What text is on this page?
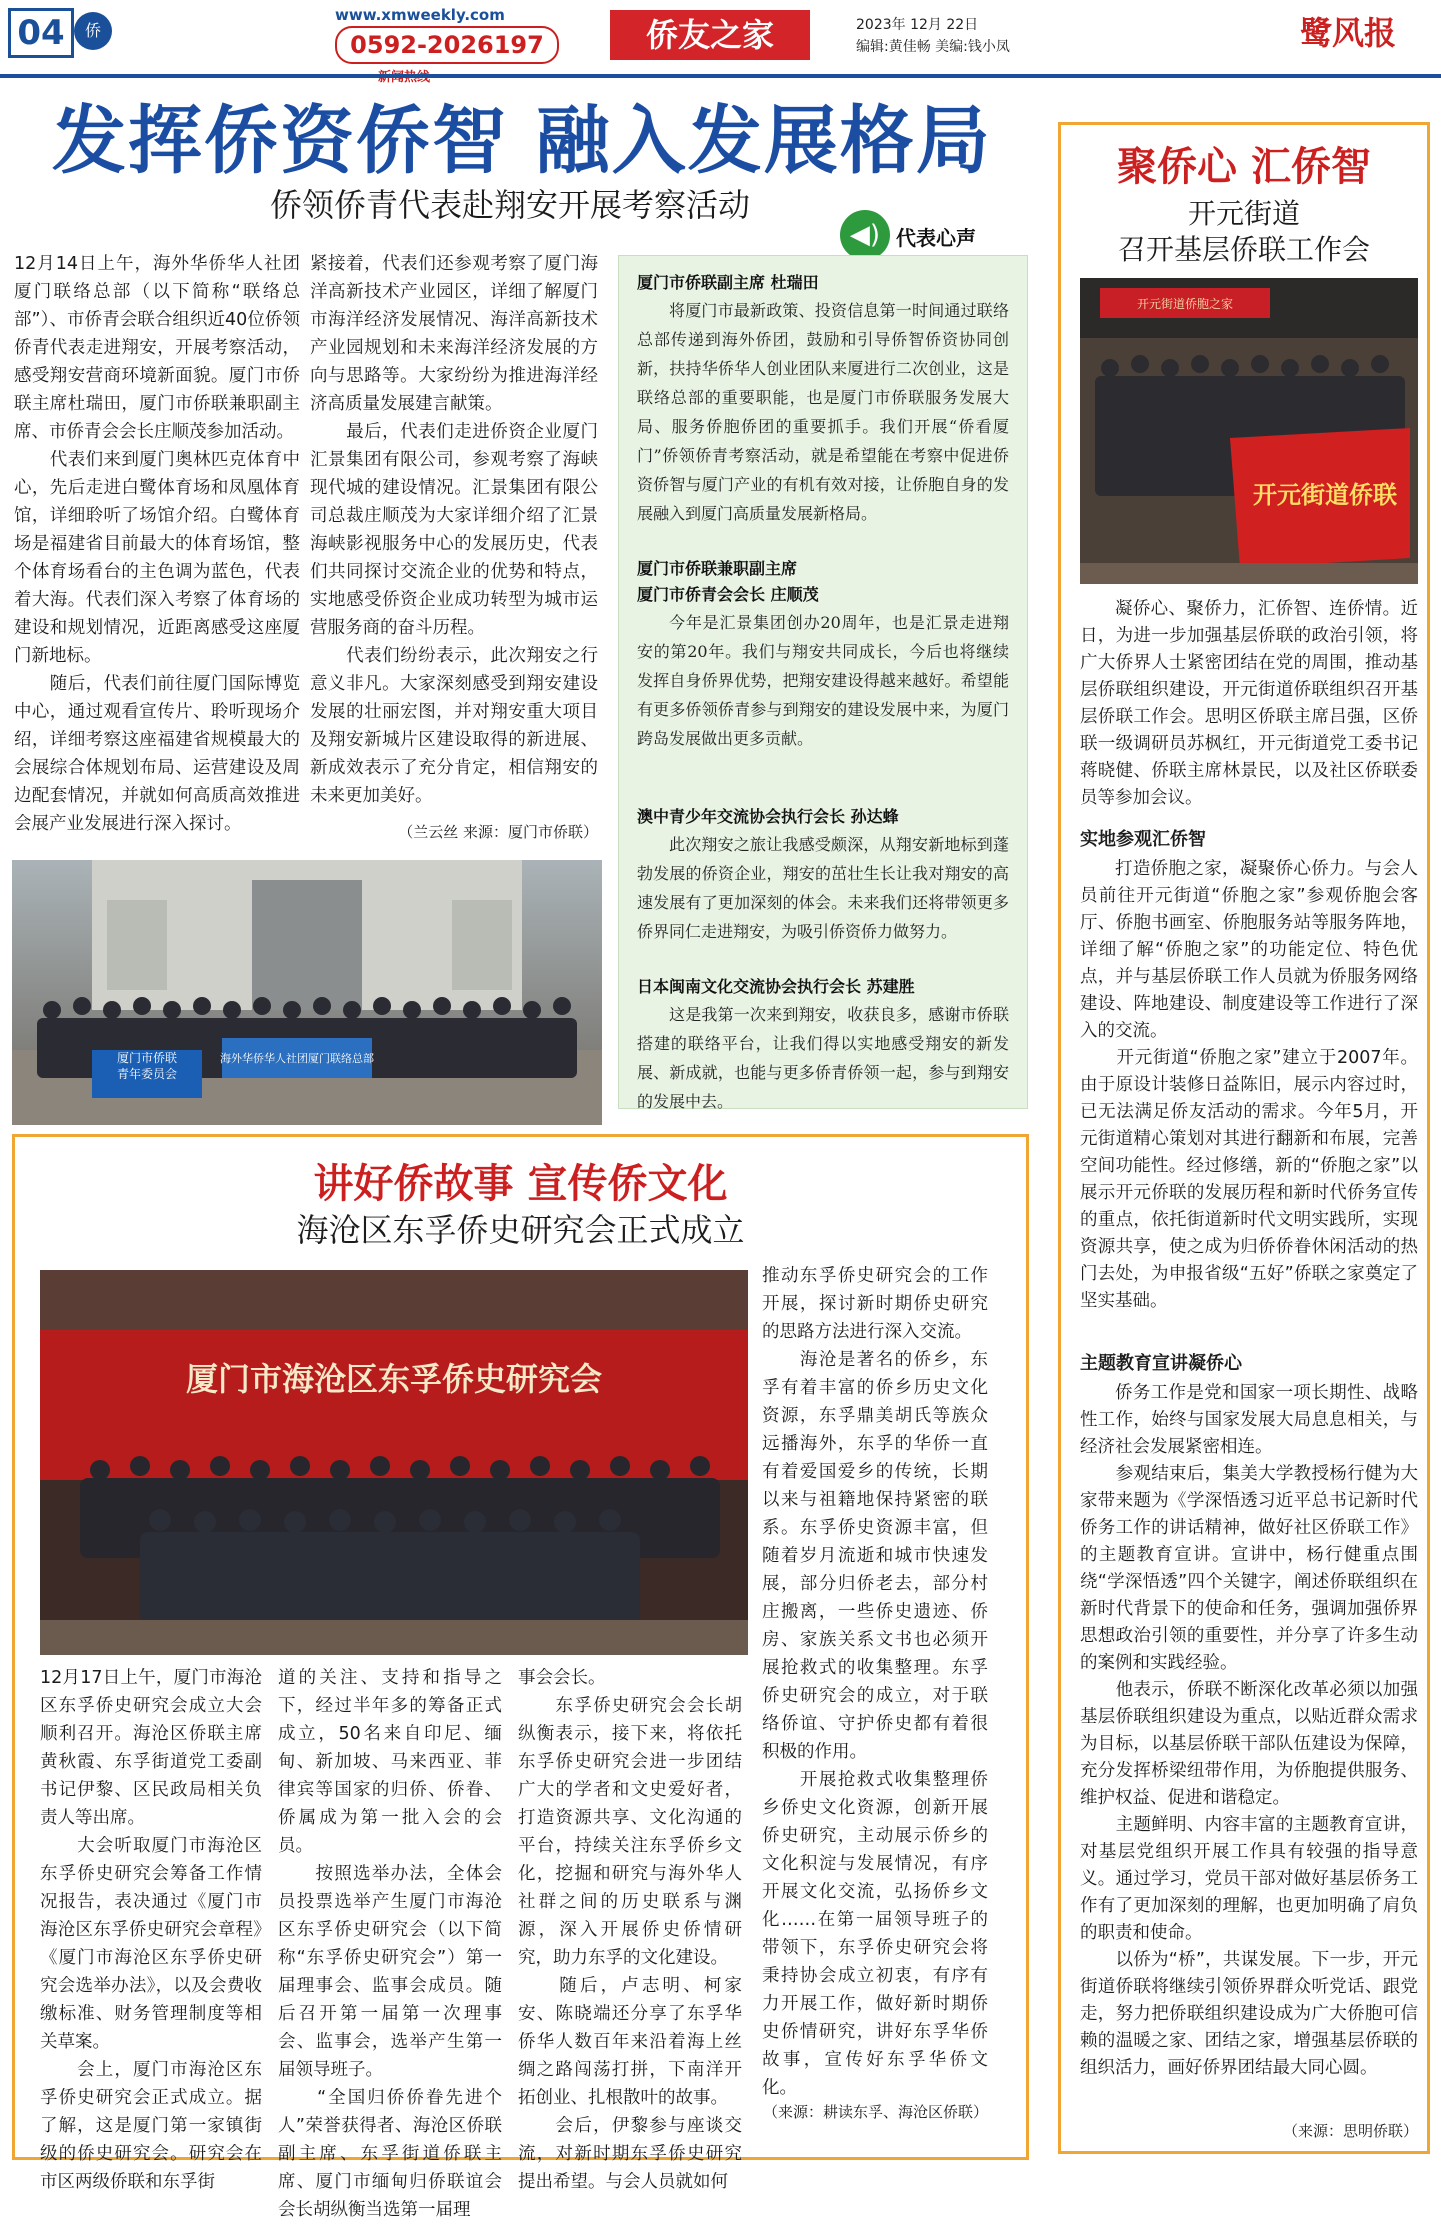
04	侨
www.xmweekly.com
0592-2026197	侨友之家	2023年 12月 22日
编辑:黄佳畅 美编:钱小凤	鹭风报
发挥侨资侨智 融入发展格局
侨领侨青代表赴翔安开展考察活动

12月14日上午，海外华侨华人社团厦门联络总部（以下简称“联络总部”）、市侨青会联合组织近40位侨领侨青代表走进翔安，开展考察活动，感受翔安营商环境新面貌。厦门市侨联主席杜瑞田，厦门市侨联兼职副主席、市侨青会会长庄顺茂参加活动。
　　代表们来到厦门奥林匹克体育中心，先后走进白鹭体育场和凤凰体育馆，详细聆听了场馆介绍。白鹭体育场是福建省目前最大的体育场馆，整个体育场看台的主色调为蓝色，代表着大海。代表们深入考察了体育场的建设和规划情况，近距离感受这座厦门新地标。
　　随后，代表们前往厦门国际博览中心，通过观看宣传片、聆听现场介绍，详细考察这座福建省规模最大的会展综合体规划布局、运营建设及周边配套情况，并就如何高质高效推进会展产业发展进行深入探讨。

紧接着，代表们还参观考察了厦门海洋高新技术产业园区，详细了解厦门市海洋经济发展情况、海洋高新技术产业园规划和未来海洋经济发展的方向与思路等。大家纷纷为推进海洋经济高质量发展建言献策。
　　最后，代表们走进侨资企业厦门汇景集团有限公司，参观考察了海峡现代城的建设情况。汇景集团有限公司总裁庄顺茂为大家详细介绍了汇景海峡影视服务中心的发展历史，代表们共同探讨交流企业的优势和特点，实地感受侨资企业成功转型为城市运营服务商的奋斗历程。
　　代表们纷纷表示，此次翔安之行意义非凡。大家深刻感受到翔安建设发展的壮丽宏图，并对翔安重大项目及翔安新城片区建设取得的新进展、新成效表示了充分肯定，相信翔安的未来更加美好。

（兰云丝 来源：厦门市侨联）

◀) 代表心声

厦门市侨联副主席 杜瑞田

将厦门市最新政策、投资信息第一时间通过联络总部传递到海外侨团，鼓励和引导侨智侨资协同创新，扶持华侨华人创业团队来厦进行二次创业，这是联络总部的重要职能，也是厦门市侨联服务发展大局、服务侨胞侨团的重要抓手。我们开展“侨看厦门”侨领侨青考察活动，就是希望能在考察中促进侨资侨智与厦门产业的有机有效对接，让侨胞自身的发展融入到厦门高质量发展新格局。

厦门市侨联兼职副主席
厦门市侨青会会长 庄顺茂

今年是汇景集团创办20周年，也是汇景走进翔安的第20年。我们与翔安共同成长，今后也将继续发挥自身侨界优势，把翔安建设得越来越好。希望能有更多侨领侨青参与到翔安的建设发展中来，为厦门跨岛发展做出更多贡献。

澳中青少年交流协会执行会长 孙达蜂

此次翔安之旅让我感受颇深，从翔安新地标到蓬勃发展的侨资企业，翔安的茁壮生长让我对翔安的高速发展有了更加深刻的体会。未来我们还将带领更多侨界同仁走进翔安，为吸引侨资侨力做努力。

日本闽南文化交流协会执行会长 苏建胜

这是我第一次来到翔安，收获良多，感谢市侨联搭建的联络平台，让我们得以实地感受翔安的新发展、新成就，也能与更多侨青侨领一起，参与到翔安的发展中去。

厦门市侨联青年委员会
海外华侨华人社团厦门联络总部
讲好侨故事 宣传侨文化
海沧区东孚侨史研究会正式成立
厦门市海沧区东孚侨史研究会

12月17日上午，厦门市海沧区东孚侨史研究会成立大会顺利召开。海沧区侨联主席黄秋霞、东孚街道党工委副书记伊黎、区民政局相关负责人等出席。
　　大会听取厦门市海沧区东孚侨史研究会筹备工作情况报告，表决通过《厦门市海沧区东孚侨史研究会章程》《厦门市海沧区东孚侨史研究会选举办法》，以及会费收缴标准、财务管理制度等相关草案。
　　会上，厦门市海沧区东孚侨史研究会正式成立。据了解，这是厦门第一家镇街级的侨史研究会。研究会在市区两级侨联和东孚街

道的关注、支持和指导之下，经过半年多的筹备正式成立，50名来自印尼、缅甸、新加坡、马来西亚、菲律宾等国家的归侨、侨眷、侨属成为第一批入会的会员。
　　按照选举办法，全体会员投票选举产生厦门市海沧区东孚侨史研究会（以下简称“东孚侨史研究会”）第一届理事会、监事会成员。随后召开第一届第一次理事会、监事会，选举产生第一届领导班子。
　　“全国归侨侨眷先进个人”荣誉获得者、海沧区侨联副主席、东孚街道侨联主席、厦门市缅甸归侨联谊会会长胡纵衡当选第一届理

事会会长。
　　东孚侨史研究会会长胡纵衡表示，接下来，将依托东孚侨史研究会进一步团结广大的学者和文史爱好者，打造资源共享、文化沟通的平台，持续关注东孚侨乡文化，挖掘和研究与海外华人社群之间的历史联系与渊源，深入开展侨史侨情研究，助力东孚的文化建设。
　　随后，卢志明、柯家安、陈晓端还分享了东孚华侨华人数百年来沿着海上丝绸之路闯荡打拼，下南洋开拓创业、扎根散叶的故事。
　　会后，伊黎参与座谈交流，对新时期东孚侨史研究提出希望。与会人员就如何

推动东孚侨史研究会的工作开展，探讨新时期侨史研究的思路方法进行深入交流。
　　海沧是著名的侨乡，东孚有着丰富的侨乡历史文化资源，东孚鼎美胡氏等族众远播海外，东孚的华侨一直有着爱国爱乡的传统，长期以来与祖籍地保持紧密的联系。东孚侨史资源丰富，但随着岁月流逝和城市快速发展，部分归侨老去，部分村庄搬离，一些侨史遗迹、侨房、家族关系文书也必须开展抢救式的收集整理。东孚侨史研究会的成立，对于联络侨谊、守护侨史都有着很积极的作用。
　　开展抢救式收集整理侨乡侨史文化资源，创新开展侨史研究，主动展示侨乡的文化积淀与发展情况，有序开展文化交流，弘扬侨乡文化……在第一届领导班子的带领下，东孚侨史研究会将秉持协会成立初衷，有序有力开展工作，做好新时期侨史侨情研究，讲好东孚华侨故事，宣传好东孚华侨文化。

（来源：耕读东孚、海沧区侨联）

聚侨心 汇侨智
开元街道
召开基层侨联工作会
开元街道侨胞之家
开元街道侨联

凝侨心、聚侨力，汇侨智、连侨情。近日，为进一步加强基层侨联的政治引领，将广大侨界人士紧密团结在党的周围，推动基层侨联组织建设，开元街道侨联组织召开基层侨联工作会。思明区侨联主席吕强，区侨联一级调研员苏枫红，开元街道党工委书记蒋晓健、侨联主席林景民，以及社区侨联委员等参加会议。

实地参观汇侨智

打造侨胞之家，凝聚侨心侨力。与会人员前往开元街道“侨胞之家”参观侨胞会客厅、侨胞书画室、侨胞服务站等服务阵地，详细了解“侨胞之家”的功能定位、特色优点，并与基层侨联工作人员就为侨服务网络建设、阵地建设、制度建设等工作进行了深入的交流。
　　开元街道“侨胞之家”建立于2007年。由于原设计装修日益陈旧，展示内容过时，已无法满足侨友活动的需求。今年5月，开元街道精心策划对其进行翻新和布展，完善空间功能性。经过修缮，新的“侨胞之家”以展示开元侨联的发展历程和新时代侨务宣传的重点，依托街道新时代文明实践所，实现资源共享，使之成为归侨侨眷休闲活动的热门去处，为申报省级“五好”侨联之家奠定了坚实基础。

主题教育宣讲凝侨心

侨务工作是党和国家一项长期性、战略性工作，始终与国家发展大局息息相关，与经济社会发展紧密相连。
　　参观结束后，集美大学教授杨行健为大家带来题为《学深悟透习近平总书记新时代侨务工作的讲话精神，做好社区侨联工作》的主题教育宣讲。宣讲中，杨行健重点围绕“学深悟透”四个关键字，阐述侨联组织在新时代背景下的使命和任务，强调加强侨界思想政治引领的重要性，并分享了许多生动的案例和实践经验。
　　他表示，侨联不断深化改革必须以加强基层侨联组织建设为重点，以贴近群众需求为目标，以基层侨联干部队伍建设为保障，充分发挥桥梁纽带作用，为侨胞提供服务、维护权益、促进和谐稳定。
　　主题鲜明、内容丰富的主题教育宣讲，对基层党组织开展工作具有较强的指导意义。通过学习，党员干部对做好基层侨务工作有了更加深刻的理解，也更加明确了肩负的职责和使命。
　　以侨为“桥”，共谋发展。下一步，开元街道侨联将继续引领侨界群众听党话、跟党走，努力把侨联组织建设成为广大侨胞可信赖的温暖之家、团结之家，增强基层侨联的组织活力，画好侨界团结最大同心圆。

（来源：思明侨联）
